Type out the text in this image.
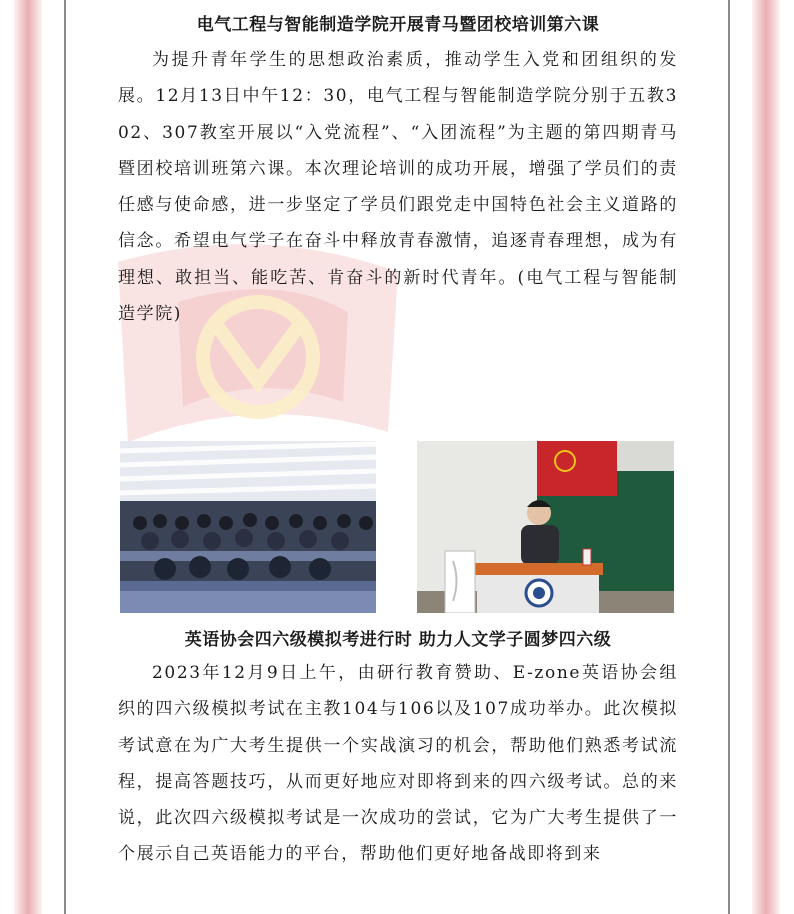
电气工程与智能制造学院开展青马暨团校培训第六课

为提升青年学生的思想政治素质，推动学生入党和团组织的发展。12月13日中午12：30，电气工程与智能制造学院分别于五教302、307教室开展以“入党流程”、“入团流程”为主题的第四期青马暨团校培训班第六课。本次理论培训的成功开展，增强了学员们的责任感与使命感，进一步坚定了学员们跟党走中国特色社会主义道路的信念。希望电气学子在奋斗中释放青春激情，追逐青春理想，成为有理想、敢担当、能吃苦、肯奋斗的新时代青年。(电气工程与智能制造学院)

英语协会四六级模拟考进行时 助力人文学子圆梦四六级

2023年12月9日上午，由研行教育赞助、E-zone英语协会组织的四六级模拟考试在主教104与106以及107成功举办。此次模拟考试意在为广大考生提供一个实战演习的机会，帮助他们熟悉考试流程，提高答题技巧，从而更好地应对即将到来的四六级考试。总的来说，此次四六级模拟考试是一次成功的尝试，它为广大考生提供了一个展示自己英语能力的平台，帮助他们更好地备战即将到来
